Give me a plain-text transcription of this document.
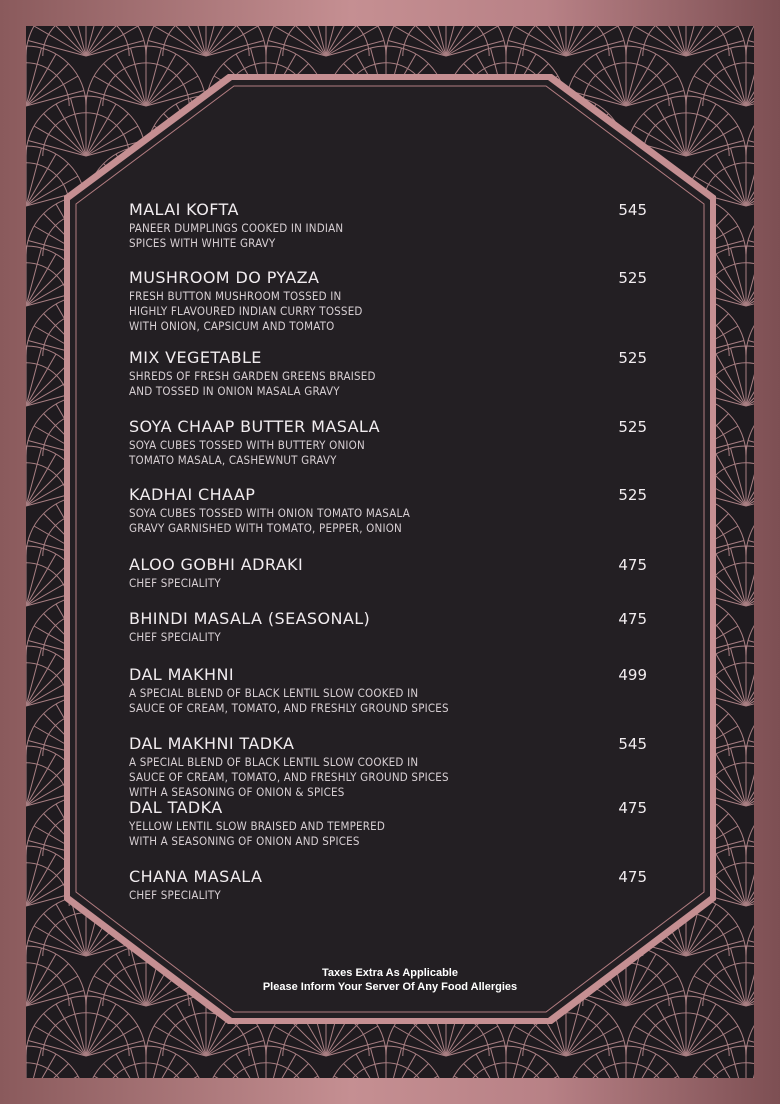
MALAI KOFTA	545
PANEER DUMPLINGS COOKED IN INDIAN
SPICES WITH WHITE GRAVY
MUSHROOM DO PYAZA	525
FRESH BUTTON MUSHROOM TOSSED IN
HIGHLY FLAVOURED INDIAN CURRY TOSSED
WITH ONION, CAPSICUM AND TOMATO
MIX VEGETABLE	525
SHREDS OF FRESH GARDEN GREENS BRAISED
AND TOSSED IN ONION MASALA GRAVY
SOYA CHAAP BUTTER MASALA	525
SOYA CUBES TOSSED WITH BUTTERY ONION
TOMATO MASALA, CASHEWNUT GRAVY
KADHAI CHAAP	525
SOYA CUBES TOSSED WITH ONION TOMATO MASALA
GRAVY GARNISHED WITH TOMATO, PEPPER, ONION
ALOO GOBHI ADRAKI	475
CHEF SPECIALITY
BHINDI MASALA (SEASONAL)	475
CHEF SPECIALITY
DAL MAKHNI	499
A SPECIAL BLEND OF BLACK LENTIL SLOW COOKED IN
SAUCE OF CREAM, TOMATO, AND FRESHLY GROUND SPICES
DAL MAKHNI TADKA	545
A SPECIAL BLEND OF BLACK LENTIL SLOW COOKED IN
SAUCE OF CREAM, TOMATO, AND FRESHLY GROUND SPICES
WITH A SEASONING OF ONION & SPICES
DAL TADKA	475
YELLOW LENTIL SLOW BRAISED AND TEMPERED
WITH A SEASONING OF ONION AND SPICES
CHANA MASALA	475
CHEF SPECIALITY
Taxes Extra As Applicable
Please Inform Your Server Of Any Food Allergies
